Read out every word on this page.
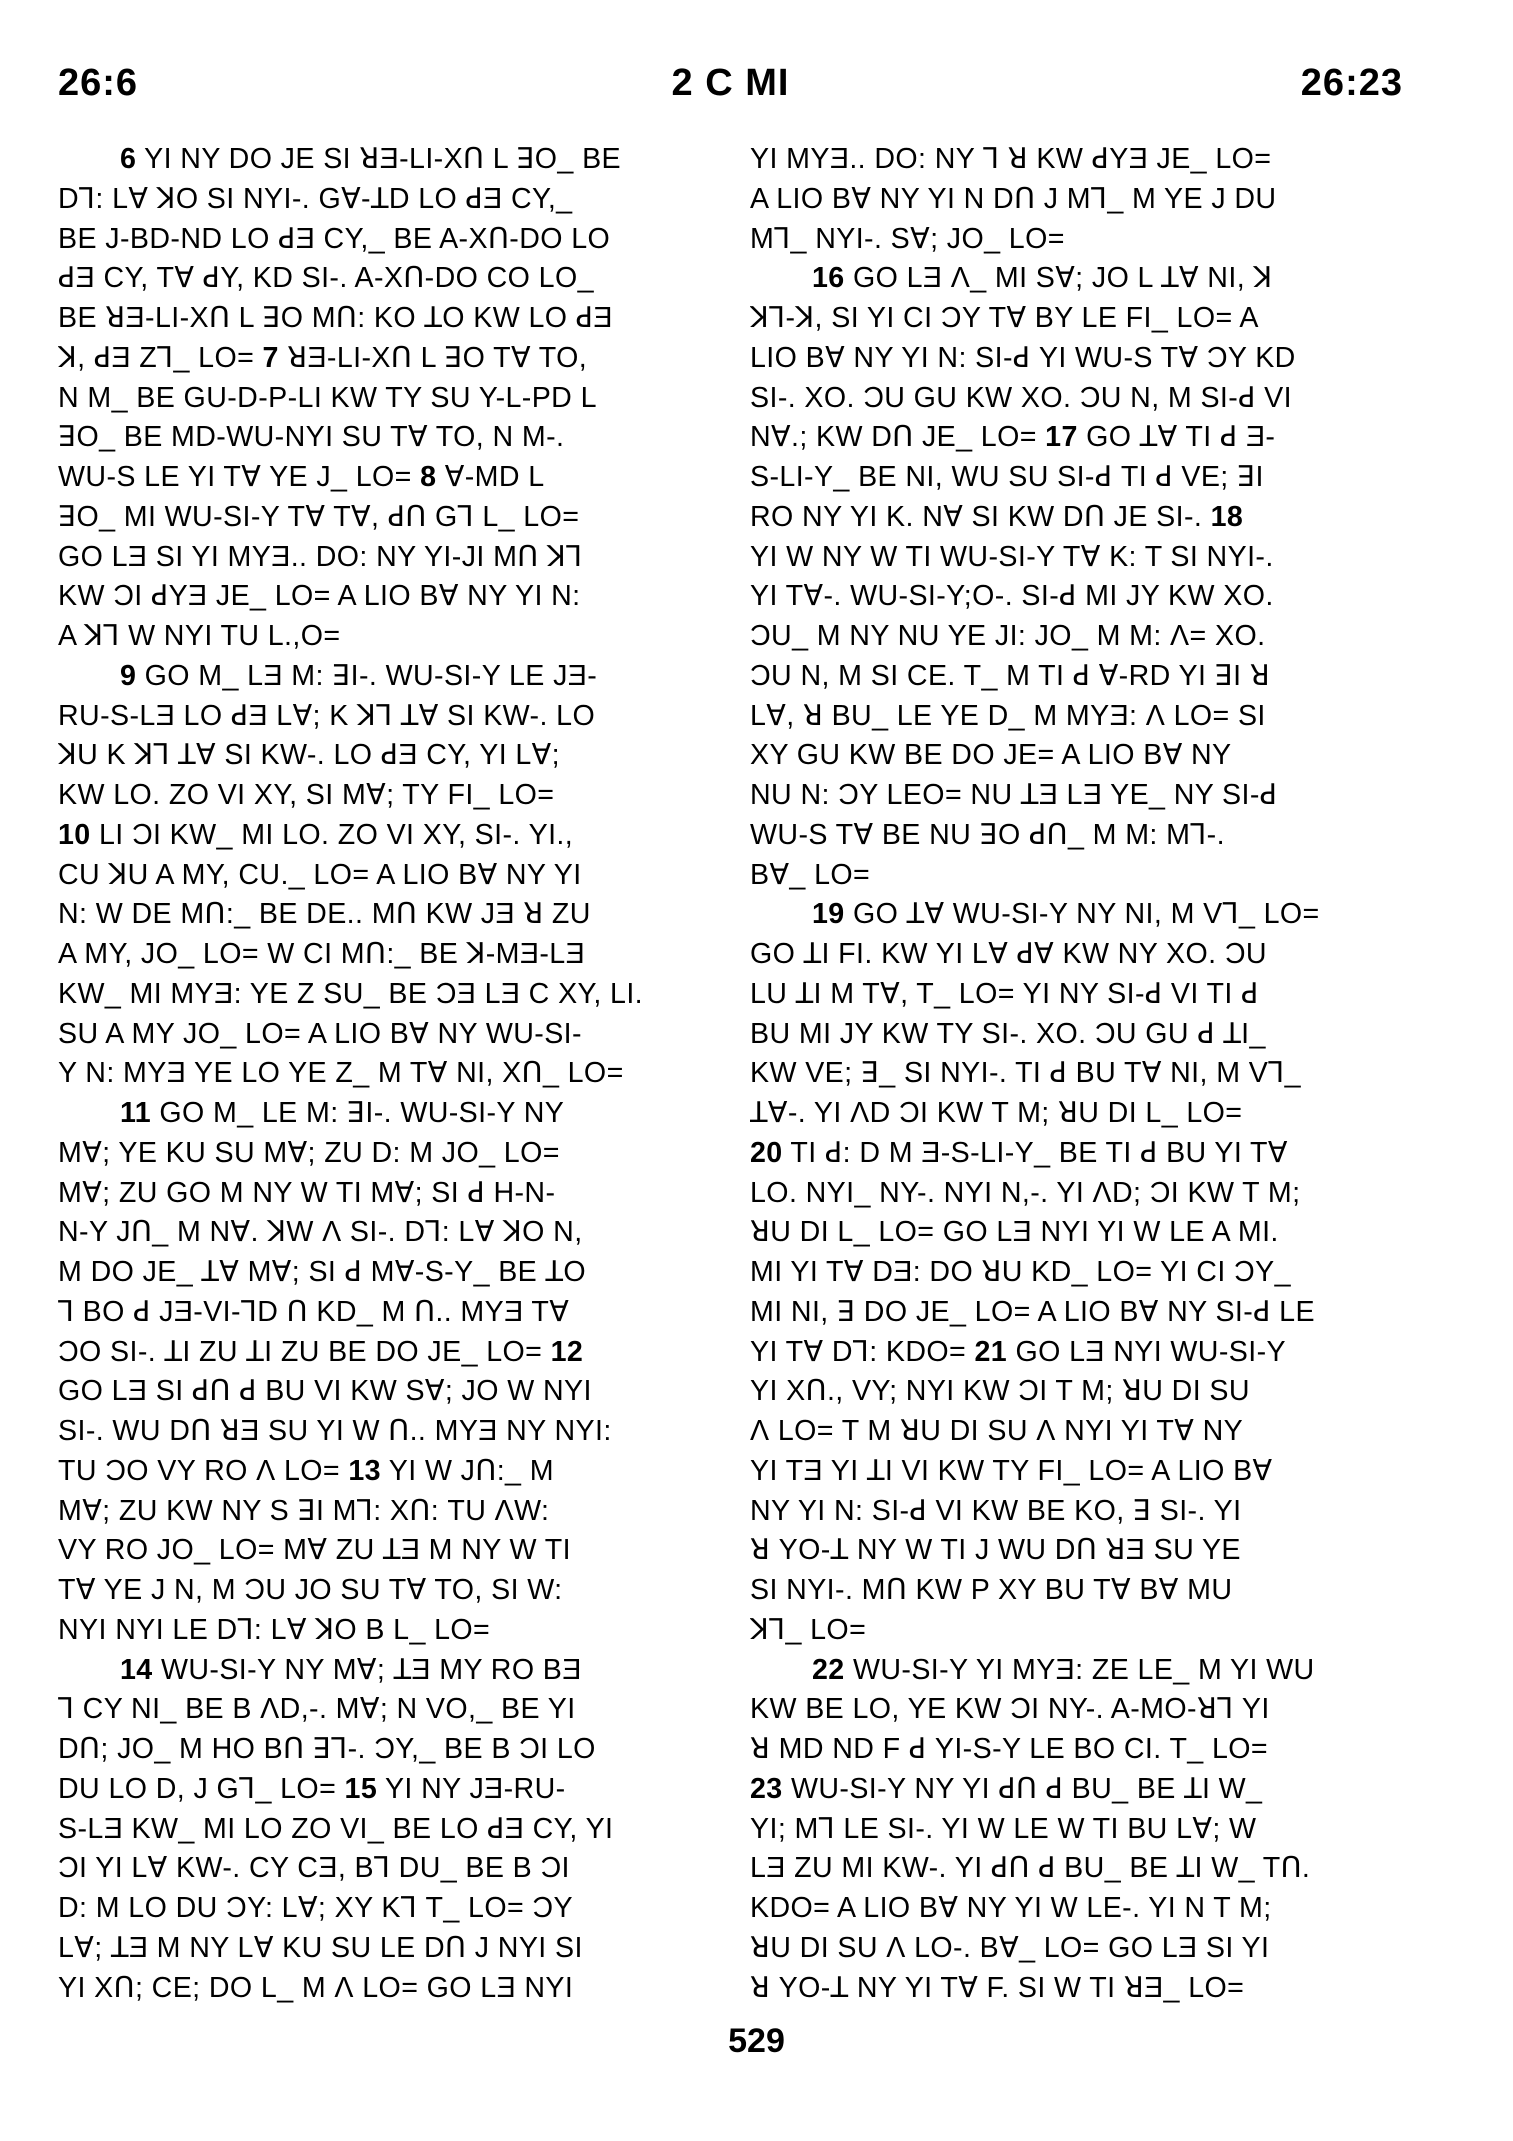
26:6	2 C MI	26:23
6 YI NY DO JE SI ꓤƎ-LI-XՈ L ꓱO_ BE
Dꓶ: LⱯ ꓘO SI NYI-. GⱯ-ꓕD LO ꓒƎ CY,_
BE J-BD-ND LO ꓒƎ CY,_ BE A-XՈ-DO LO
ꓒƎ CY, TⱯ ꓒY, KD SI-. A-XՈ-DO CO LO_
BE ꓤƎ-LI-XՈ L ꓱO MՈ: KO ꓕO KW LO ꓒƎ
ꓘ, ꓒƎ Zꓶ_ LO= 7 ꓤƎ-LI-XՈ L ꓱO TⱯ TO,
N M_ BE GU-D-P-LI KW TY SU Y-L-PD L
ꓱO_ BE MD-WU-NYI SU TⱯ TO, N M-.
WU-S LE YI TⱯ YE J_ LO= 8 Ɐ-MD L
ꓱO_ MI WU-SI-Y TⱯ TⱯ, ꓒՈ Gꓶ L_ LO=
GO LƎ SI YI MYƎ.. DO: NY YI-JI MՈ ꓘꓶ
KW ƆI ꓒYƎ JE_ LO= A LIO BⱯ NY YI N:
A ꓘꓶ W NYI TU L.,O=
9 GO M_ LƎ M: ꓱI-. WU-SI-Y LE JƎ-
RU-S-LƎ LO ꓒƎ LⱯ; K ꓘꓶ ꓕⱯ SI KW-. LO
ꓘU K ꓘꓶ ꓕⱯ SI KW-. LO ꓒƎ CY, YI LⱯ;
KW LO. ZO VI XY, SI MⱯ; TY FI_ LO=
10 LI ƆI KW_ MI LO. ZO VI XY, SI-. YI.,
CU ꓘU A MY, CU._ LO= A LIO BⱯ NY YI
N: W DE MՈ:_ BE DE.. MՈ KW JƎ ꓤ ZU
A MY, JO_ LO= W CI MՈ:_ BE ꓘ-MƎ-LƎ
KW_ MI MYƎ: YE Z SU_ BE ƆƎ LƎ C XY, LI.
SU A MY JO_ LO= A LIO BⱯ NY WU-SI-
Y N: MYƎ YE LO YE Z_ M TⱯ NI, XՈ_ LO=
11 GO M_ LE M: ꓱI-. WU-SI-Y NY
MⱯ; YE KU SU MⱯ; ZU D: M JO_ LO=
MⱯ; ZU GO M NY W TI MⱯ; SI ꓒ H-N-
N-Y JՈ_ M NⱯ. ꓘW Ʌ SI-. Dꓶ: LⱯ ꓘO N,
M DO JE_ ꓕⱯ MⱯ; SI ꓒ MⱯ-S-Y_ BE ꓕO
ꓶ BO ꓒ JƎ-VI-ꓶD Ո KD_ M Ո.. MYƎ TⱯ
ƆO SI-. ꓕI ZU ꓕI ZU BE DO JE_ LO= 12
GO LƎ SI ꓒՈ ꓒ BU VI KW SⱯ; JO W NYI
SI-. WU DՈ ꓤƎ SU YI W Ո.. MYƎ NY NYI:
TU ƆO VY RO Ʌ LO= 13 YI W JՈ:_ M
MⱯ; ZU KW NY S ꓱI Mꓶ: XՈ: TU ɅW:
VY RO JO_ LO= MⱯ ZU ꓕƎ M NY W TI
TⱯ YE J N, M ƆU JO SU TⱯ TO, SI W:
NYI NYI LE Dꓶ: LⱯ ꓘO B L_ LO=
14 WU-SI-Y NY MⱯ; ꓕƎ MY RO BƎ
ꓶ CY NI_ BE B ɅD,-. MⱯ; N VO,_ BE YI
DՈ; JO_ M HO BՈ ꓱꓶ-. ƆY,_ BE B ƆI LO
DU LO D, J Gꓶ_ LO= 15 YI NY JƎ-RU-
S-LƎ KW_ MI LO ZO VI_ BE LO ꓒƎ CY, YI
ƆI YI LⱯ KW-. CY CƎ, Bꓶ DU_ BE B ƆI
D: M LO DU ƆY: LⱯ; XY Kꓶ T_ LO= ƆY
LⱯ; ꓕƎ M NY LⱯ KU SU LE DՈ J NYI SI
YI XՈ; CE; DO L_ M Ʌ LO= GO LƎ NYI
YI MYƎ.. DO: NY ꓶ ꓤ KW ꓒYƎ JE_ LO=
A LIO BⱯ NY YI N DՈ J Mꓶ_ M YE J DU
Mꓶ_ NYI-. SⱯ; JO_ LO=
16 GO LƎ Ʌ_ MI SⱯ; JO L ꓕⱯ NI, ꓘ
ꓘꓶ-ꓘ, SI YI CI ƆY TⱯ BY LE FI_ LO= A
LIO BⱯ NY YI N: SI-ꓒ YI WU-S TⱯ ƆY KD
SI-. XO. ƆU GU KW XO. ƆU N, M SI-ꓒ VI
NⱯ.; KW DՈ JE_ LO= 17 GO ꓕⱯ TI ꓒ Ǝ-
S-LI-Y_ BE NI, WU SU SI-ꓒ TI ꓒ VE; ꓱI
RO NY YI K. NⱯ SI KW DՈ JE SI-. 18
YI W NY W TI WU-SI-Y TⱯ K: T SI NYI-.
YI TⱯ-. WU-SI-Y;O-. SI-ꓒ MI JY KW XO.
ƆU_ M NY NU YE JI: JO_ M M: Ʌ= XO.
ƆU N, M SI CE. T_ M TI ꓒ Ɐ-RD YI ꓱI ꓤ
LⱯ, ꓤ BU_ LE YE D_ M MYƎ: Ʌ LO= SI
XY GU KW BE DO JE= A LIO BⱯ NY
NU N: ƆY LEO= NU ꓕƎ LƎ YE_ NY SI-ꓒ
WU-S TⱯ BE NU ꓱO ꓒՈ_ M M: Mꓶ-.
BⱯ_ LO=
19 GO ꓕⱯ WU-SI-Y NY NI, M Vꓶ_ LO=
GO ꓕI FI. KW YI LⱯ ꓒⱯ KW NY XO. ƆU
LU ꓕI M TⱯ, T_ LO= YI NY SI-ꓒ VI TI ꓒ
BU MI JY KW TY SI-. XO. ƆU GU ꓒ ꓕI_
KW VE; ꓱ_ SI NYI-. TI ꓒ BU TⱯ NI, M Vꓶ_
ꓕⱯ-. YI ɅD ƆI KW T M; ꓤU DI L_ LO=
20 TI ꓒ: D M Ǝ-S-LI-Y_ BE TI ꓒ BU YI TⱯ
LO. NYI_ NY-. NYI N,-. YI ɅD; ƆI KW T M;
ꓤU DI L_ LO= GO LƎ NYI YI W LE A MI.
MI YI TⱯ DƎ: DO ꓤU KD_ LO= YI CI ƆY_
MI NI, ꓱ DO JE_ LO= A LIO BⱯ NY SI-ꓒ LE
YI TⱯ Dꓶ: KDO= 21 GO LƎ NYI WU-SI-Y
YI XՈ., VY; NYI KW ƆI T M; ꓤU DI SU
Ʌ LO= T M ꓤU DI SU Ʌ NYI YI TⱯ NY
YI TƎ YI ꓕI VI KW TY FI_ LO= A LIO BⱯ
NY YI N: SI-ꓒ VI KW BE KO, ꓱ SI-. YI
ꓤ YO-ꓕ NY W TI J WU DՈ ꓤƎ SU YE
SI NYI-. MՈ KW P XY BU TⱯ BⱯ MU
ꓘꓶ_ LO=
22 WU-SI-Y YI MYƎ: ZE LE_ M YI WU
KW BE LO, YE KW ƆI NY-. A-MO-ꓤꓶ YI
ꓤ MD ND F ꓒ YI-S-Y LE BO CI. T_ LO=
23 WU-SI-Y NY YI ꓒՈ ꓒ BU_ BE ꓕI W_
YI; Mꓶ LE SI-. YI W LE W TI BU LⱯ; W
LƎ ZU MI KW-. YI ꓒՈ ꓒ BU_ BE ꓕI W_ TՈ.
KDO= A LIO BⱯ NY YI W LE-. YI N T M;
ꓤU DI SU Ʌ LO-. BⱯ_ LO= GO LƎ SI YI
ꓤ YO-ꓕ NY YI TⱯ F. SI W TI ꓤƎ_ LO=
529
